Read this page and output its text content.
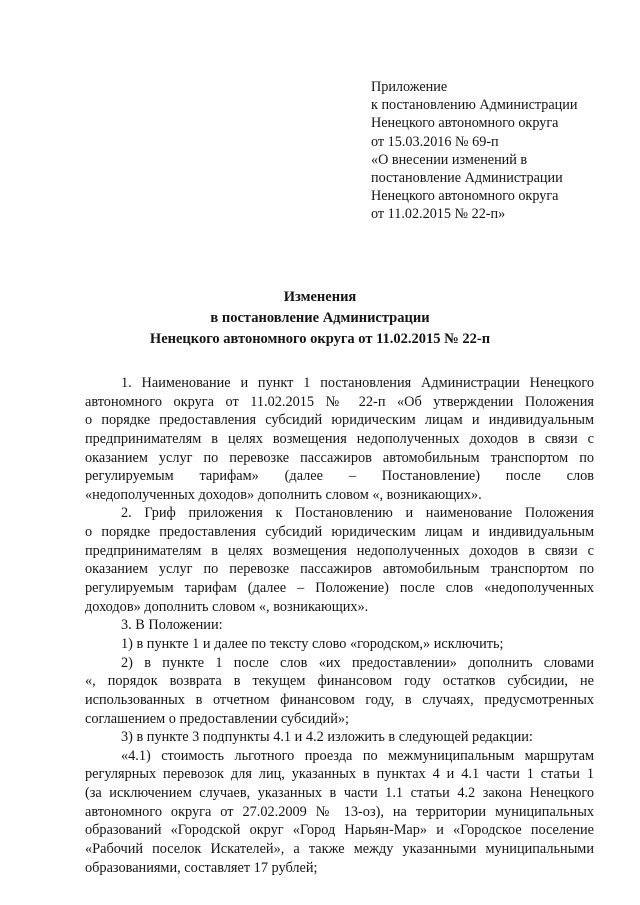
Приложение
к постановлению Администрации
Ненецкого автономного округа
от 15.03.2016 № 69-п
«О внесении изменений в
постановление Администрации
Ненецкого автономного округа
от 11.02.2015 № 22-п»
Изменения
в постановление Администрации
Ненецкого автономного округа от 11.02.2015 № 22-п
1. Наименование и пункт 1 постановления Администрации Ненецкого
автономного округа от 11.02.2015 № 22-п «Об утверждении Положения
о порядке предоставления субсидий юридическим лицам и индивидуальным
предпринимателям в целях возмещения недополученных доходов в связи с
оказанием услуг по перевозке пассажиров автомобильным транспортом по
регулируемым тарифам» (далее – Постановление) после слов
«недополученных доходов» дополнить словом «, возникающих».
2. Гриф приложения к Постановлению и наименование Положения
о порядке предоставления субсидий юридическим лицам и индивидуальным
предпринимателям в целях возмещения недополученных доходов в связи с
оказанием услуг по перевозке пассажиров автомобильным транспортом по
регулируемым тарифам (далее – Положение) после слов «недополученных
доходов» дополнить словом «, возникающих».
3. В Положении:
1) в пункте 1 и далее по тексту слово «городском,» исключить;
2) в пункте 1 после слов «их предоставлении» дополнить словами
«, порядок возврата в текущем финансовом году остатков субсидии, не
использованных в отчетном финансовом году, в случаях, предусмотренных
соглашением о предоставлении субсидий»;
3) в пункте 3 подпункты 4.1 и 4.2 изложить в следующей редакции:
«4.1) стоимость льготного проезда по межмуниципальным маршрутам
регулярных перевозок для лиц, указанных в пунктах 4 и 4.1 части 1 статьи 1
(за исключением случаев, указанных в части 1.1 статьи 4.2 закона Ненецкого
автономного округа от 27.02.2009 № 13-оз), на территории муниципальных
образований «Городской округ «Город Нарьян-Мар» и «Городское поселение
«Рабочий поселок Искателей», а также между указанными муниципальными
образованиями, составляет 17 рублей;
